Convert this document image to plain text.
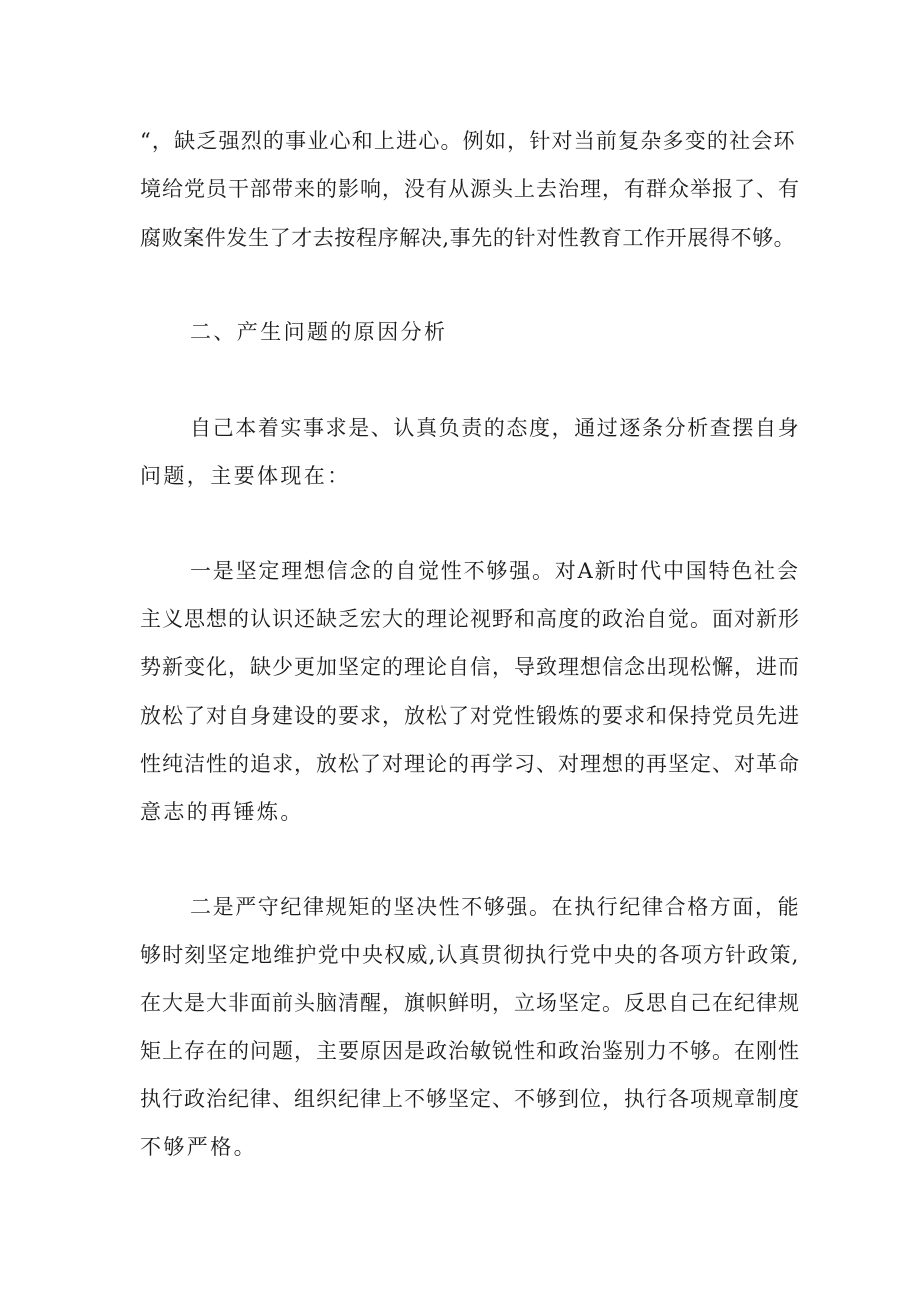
“，缺乏强烈的事业心和上进心。例如，针对当前复杂多变的社会环
境给党员干部带来的影响，没有从源头上去治理，有群众举报了、有
腐败案件发生了才去按程序解决,事先的针对性教育工作开展得不够。
二、产生问题的原因分析
自己本着实事求是、认真负责的态度，通过逐条分析查摆自身
问题，主要体现在：
一是坚定理想信念的自觉性不够强。对A新时代中国特色社会
主义思想的认识还缺乏宏大的理论视野和高度的政治自觉。面对新形
势新变化，缺少更加坚定的理论自信，导致理想信念出现松懈，进而
放松了对自身建设的要求，放松了对党性锻炼的要求和保持党员先进
性纯洁性的追求，放松了对理论的再学习、对理想的再坚定、对革命
意志的再锤炼。
二是严守纪律规矩的坚决性不够强。在执行纪律合格方面，能
够时刻坚定地维护党中央权威,认真贯彻执行党中央的各项方针政策,
在大是大非面前头脑清醒，旗帜鲜明，立场坚定。反思自己在纪律规
矩上存在的问题，主要原因是政治敏锐性和政治鉴别力不够。在刚性
执行政治纪律、组织纪律上不够坚定、不够到位，执行各项规章制度
不够严格。
